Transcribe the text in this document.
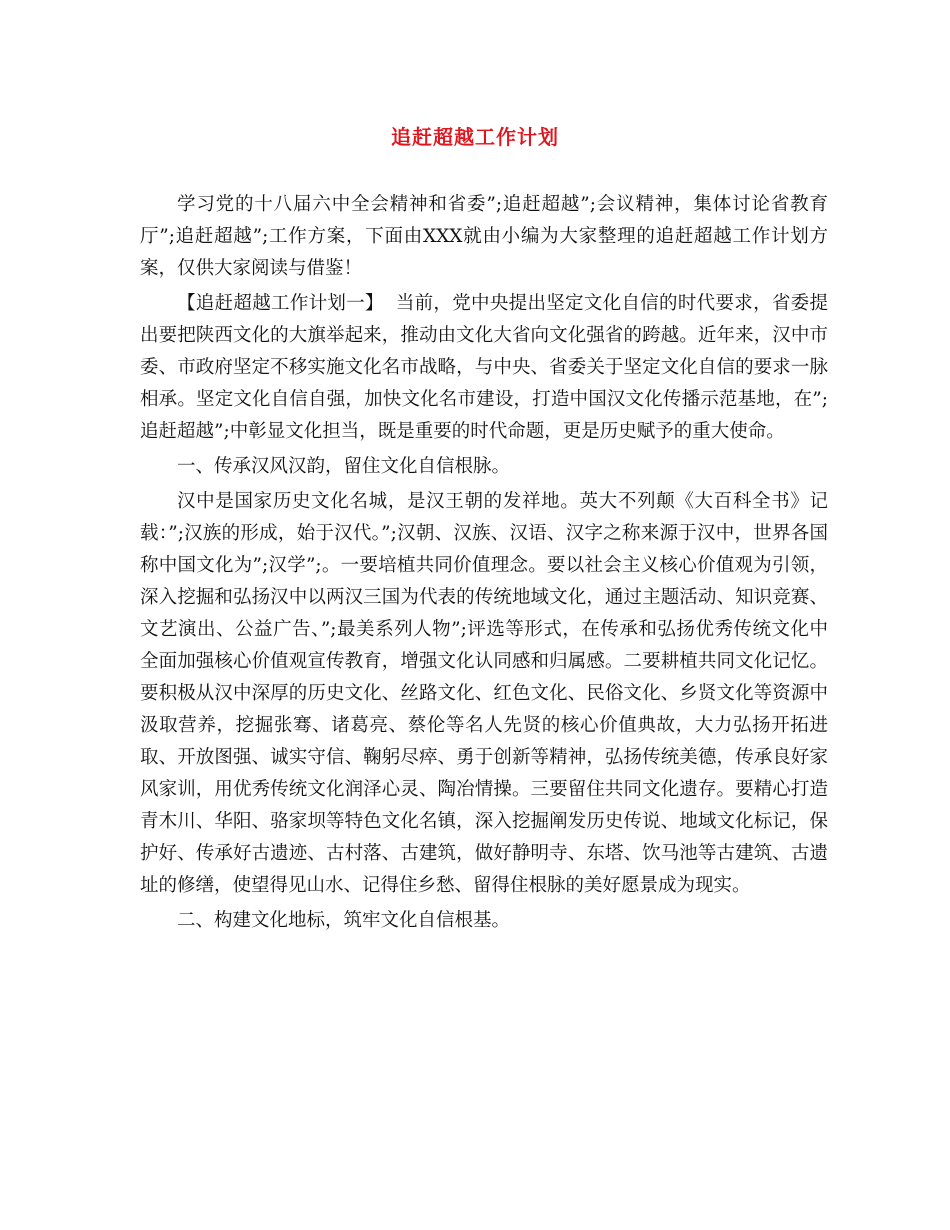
追赶超越工作计划

学习党的十八届六中全会精神和省委”;追赶超越”;会议精神，集体讨论省教育厅”;追赶超越”;工作方案，下面由XXX就由小编为大家整理的追赶超越工作计划方案，仅供大家阅读与借鉴！

【追赶超越工作计划一】 当前，党中央提出坚定文化自信的时代要求，省委提出要把陕西文化的大旗举起来，推动由文化大省向文化强省的跨越。近年来，汉中市委、市政府坚定不移实施文化名市战略，与中央、省委关于坚定文化自信的要求一脉相承。坚定文化自信自强，加快文化名市建设，打造中国汉文化传播示范基地，在”;追赶超越”;中彰显文化担当，既是重要的时代命题，更是历史赋予的重大使命。

一、传承汉风汉韵，留住文化自信根脉。

汉中是国家历史文化名城，是汉王朝的发祥地。英大不列颠《大百科全书》记载：”;汉族的形成，始于汉代。”;汉朝、汉族、汉语、汉字之称来源于汉中，世界各国称中国文化为”;汉学”;。一要培植共同价值理念。要以社会主义核心价值观为引领，深入挖掘和弘扬汉中以两汉三国为代表的传统地域文化，通过主题活动、知识竞赛、文艺演出、公益广告、”;最美系列人物”;评选等形式，在传承和弘扬优秀传统文化中全面加强核心价值观宣传教育，增强文化认同感和归属感。二要耕植共同文化记忆。要积极从汉中深厚的历史文化、丝路文化、红色文化、民俗文化、乡贤文化等资源中汲取营养，挖掘张骞、诸葛亮、蔡伦等名人先贤的核心价值典故，大力弘扬开拓进取、开放图强、诚实守信、鞠躬尽瘁、勇于创新等精神，弘扬传统美德，传承良好家风家训，用优秀传统文化润泽心灵、陶冶情操。三要留住共同文化遗存。要精心打造青木川、华阳、骆家坝等特色文化名镇，深入挖掘阐发历史传说、地域文化标记，保护好、传承好古遗迹、古村落、古建筑，做好静明寺、东塔、饮马池等古建筑、古遗址的修缮，使望得见山水、记得住乡愁、留得住根脉的美好愿景成为现实。

二、构建文化地标，筑牢文化自信根基。
